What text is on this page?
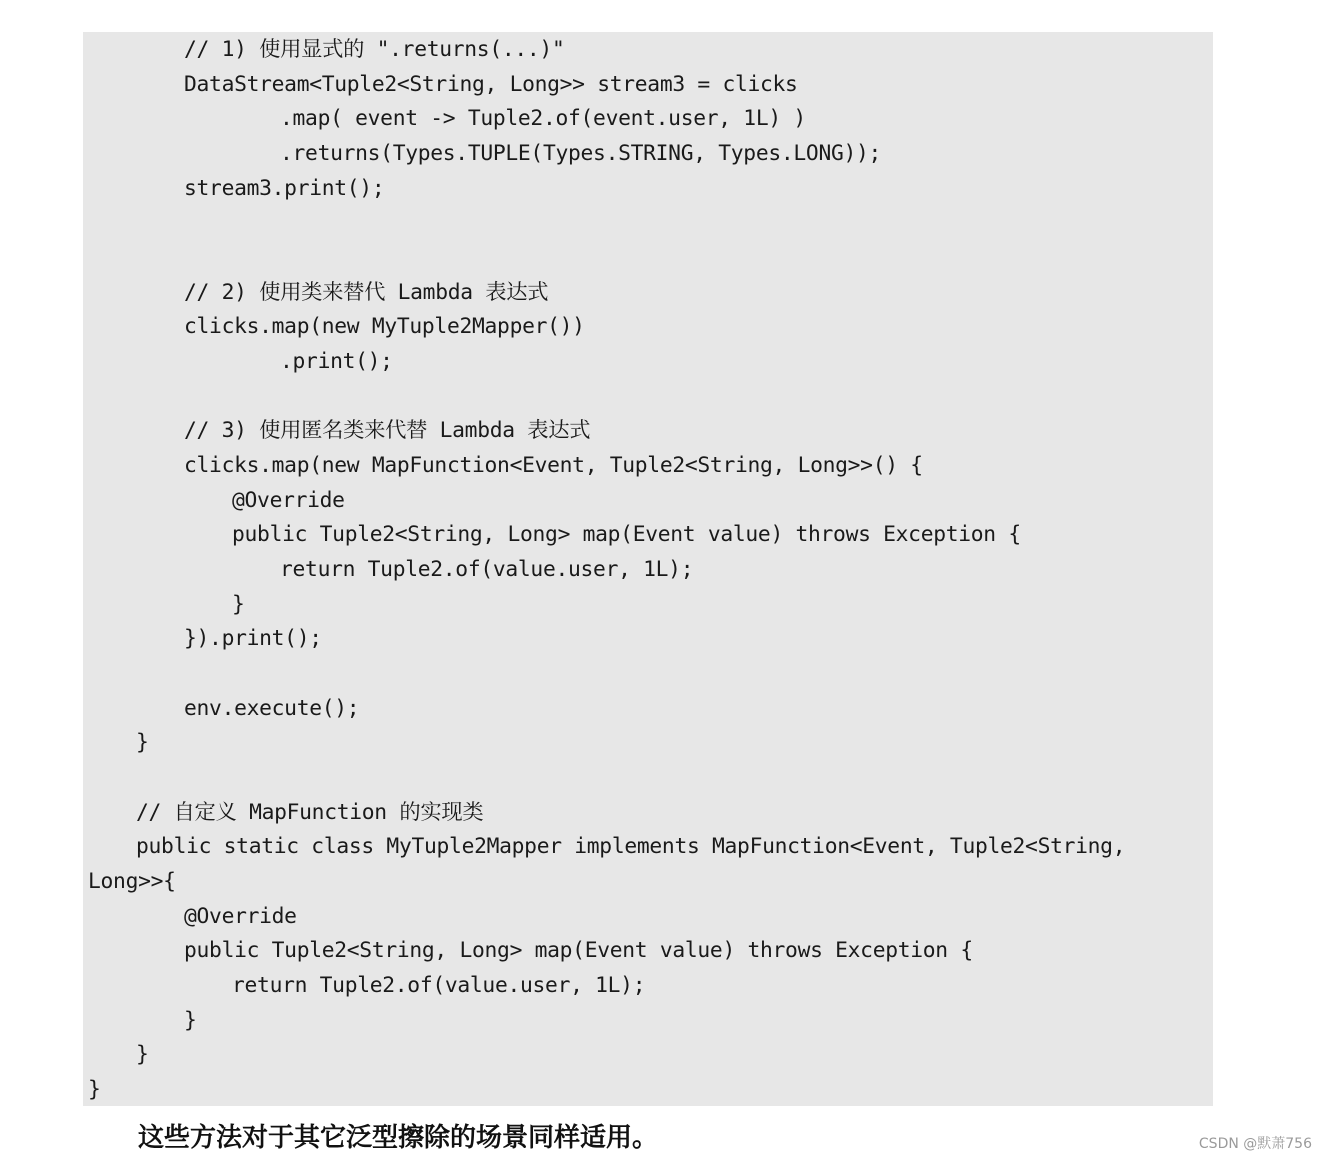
// 1) 使用显式的 ".returns(...)"
DataStream<Tuple2<String, Long>> stream3 = clicks
.map( event -> Tuple2.of(event.user, 1L) )
.returns(Types.TUPLE(Types.STRING, Types.LONG));
stream3.print();
// 2) 使用类来替代 Lambda 表达式
clicks.map(new MyTuple2Mapper())
.print();
// 3) 使用匿名类来代替 Lambda 表达式
clicks.map(new MapFunction<Event, Tuple2<String, Long>>() {
@Override
public Tuple2<String, Long> map(Event value) throws Exception {
return Tuple2.of(value.user, 1L);
}
}).print();
env.execute();
}
// 自定义 MapFunction 的实现类
public static class MyTuple2Mapper implements MapFunction<Event, Tuple2<String,
Long>>{
@Override
public Tuple2<String, Long> map(Event value) throws Exception {
return Tuple2.of(value.user, 1L);
}
}
}
这些方法对于其它泛型擦除的场景同样适用。	CSDN @默萧756
